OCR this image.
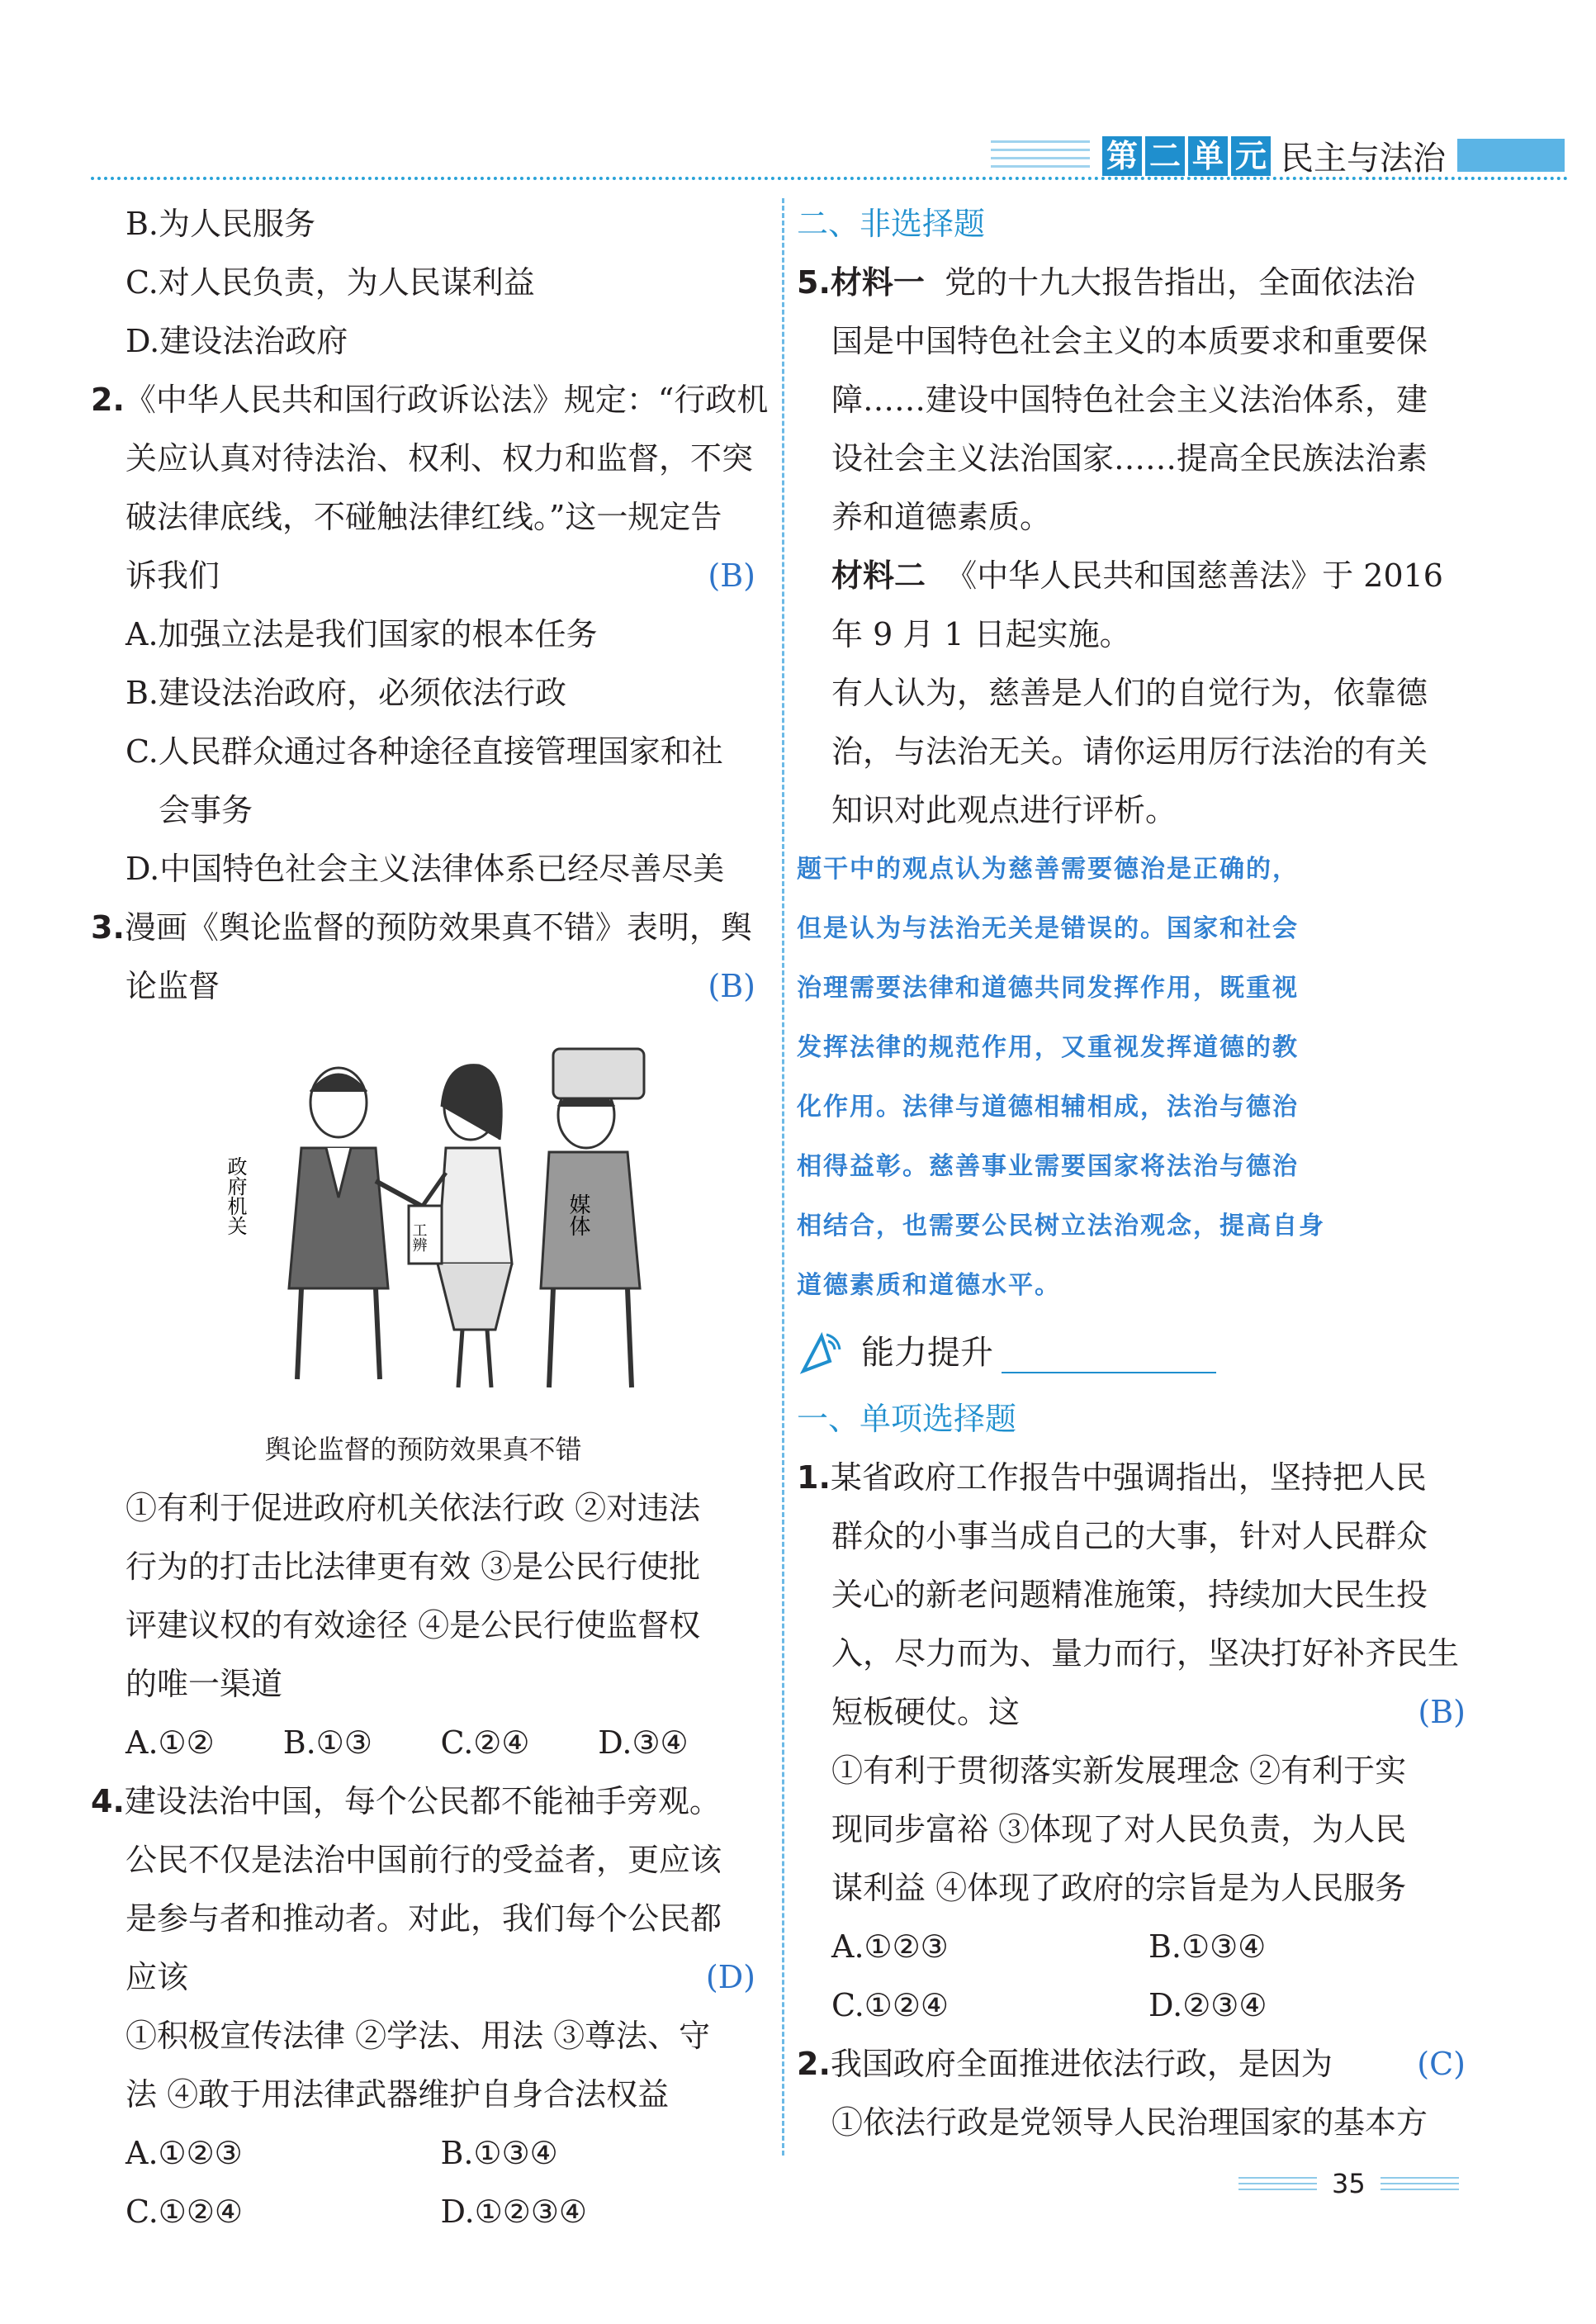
第 二 单 元 民主与法治

B.为人民服务

C.对人民负责，为人民谋利益

D.建设法治政府

2.《中华人民共和国行政诉讼法》规定：“行政机

关应认真对待法治、权利、权力和监督，不突

破法律底线，不碰触法律红线。”这一规定告

诉我们	(B)

A.加强立法是我们国家的根本任务

B.建设法治政府，必须依法行政

C.人民群众通过各种途径直接管理国家和社

会事务

D.中国特色社会主义法律体系已经尽善尽美

3.漫画《舆论监督的预防效果真不错》表明，舆

论监督	(B)

政府机关	媒体
工辨

舆论监督的预防效果真不错

①有利于促进政府机关依法行政 ②对违法

行为的打击比法律更有效 ③是公民行使批

评建议权的有效途径 ④是公民行使监督权

的唯一渠道

A.①②	B.①③	C.②④	D.③④

4.建设法治中国，每个公民都不能袖手旁观。

公民不仅是法治中国前行的受益者，更应该

是参与者和推动者。对此，我们每个公民都

应该	(D)

①积极宣传法律 ②学法、用法 ③尊法、守

法 ④敢于用法律武器维护自身合法权益

A.①②③	B.①③④
C.①②④	D.①②③④

二、非选择题

5.材料一 党的十九大报告指出，全面依法治

国是中国特色社会主义的本质要求和重要保

障……建设中国特色社会主义法治体系，建

设社会主义法治国家……提高全民族法治素

养和道德素质。

材料二 《中华人民共和国慈善法》于 2016

年 9 月 1 日起实施。

有人认为，慈善是人们的自觉行为，依靠德

治，与法治无关。请你运用厉行法治的有关

知识对此观点进行评析。

题干中的观点认为慈善需要德治是正确的，

但是认为与法治无关是错误的。国家和社会

治理需要法律和道德共同发挥作用，既重视

发挥法律的规范作用，又重视发挥道德的教

化作用。法律与道德相辅相成，法治与德治

相得益彰。慈善事业需要国家将法治与德治

相结合，也需要公民树立法治观念，提高自身

道德素质和道德水平。

能力提升

一、单项选择题

1.某省政府工作报告中强调指出，坚持把人民

群众的小事当成自己的大事，针对人民群众

关心的新老问题精准施策，持续加大民生投

入，尽力而为、量力而行，坚决打好补齐民生

短板硬仗。这	(B)

①有利于贯彻落实新发展理念 ②有利于实

现同步富裕 ③体现了对人民负责，为人民

谋利益 ④体现了政府的宗旨是为人民服务

A.①②③	B.①③④
C.①②④	D.②③④

2.我国政府全面推进依法行政，是因为	(C)

①依法行政是党领导人民治理国家的基本方

35
